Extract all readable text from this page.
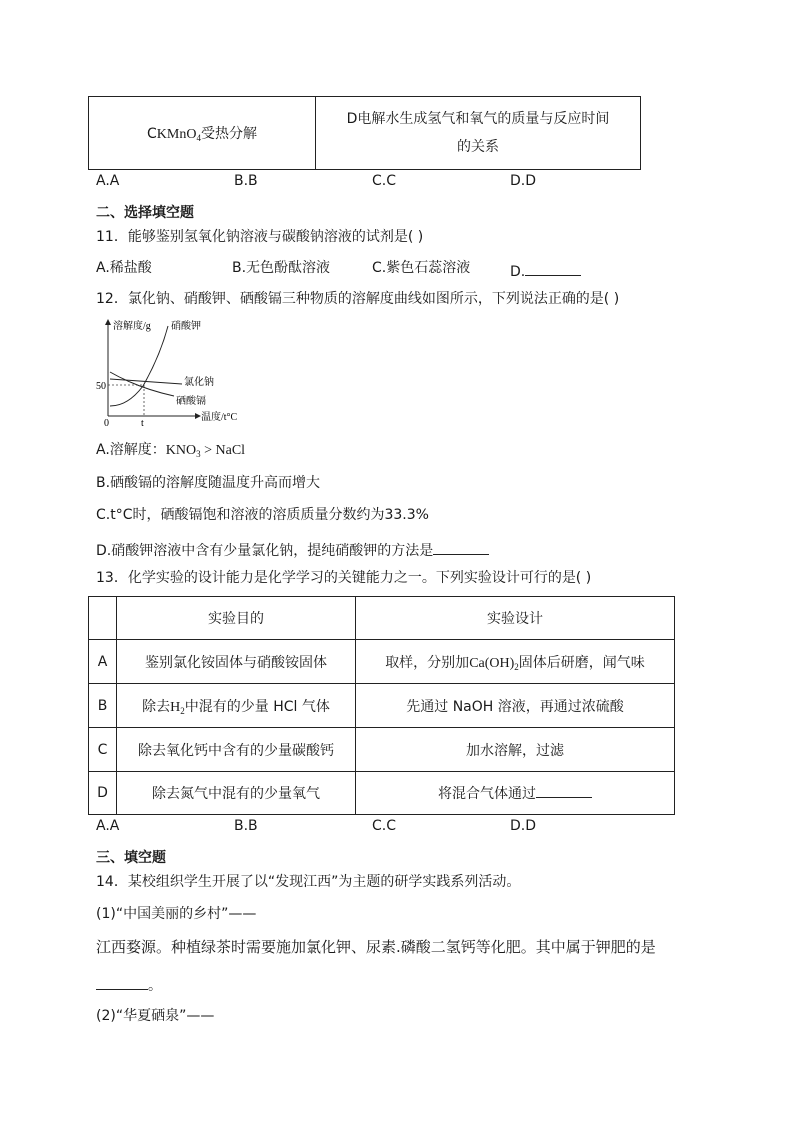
CKMnO$_4$受热分解	
D电解水生成氢气和氧气的质量与反应时间
的关系
A.A	B.B	C.C	D.D
二、选择填空题
11．能够鉴别氢氧化钠溶液与碳酸钠溶液的试剂是( )
A.稀盐酸	B.无色酚酞溶液	C.紫色石蕊溶液	D.
12．氯化钠、硝酸钾、硒酸镉三种物质的溶解度曲线如图所示，下列说法正确的是( )
溶解度/g 硝酸钾
氯化钠
硒酸镉
50
0	t
温度/t°C
A.溶解度：$KNO_3$ > NaCl
B.硒酸镉的溶解度随温度升高而增大
C.t°C时，硒酸镉饱和溶液的溶质质量分数约为33.3%
D.硝酸钾溶液中含有少量氯化钠，提纯硝酸钾的方法是
13．化学实验的设计能力是化学学习的关键能力之一。下列实验设计可行的是( )
	实验目的	实验设计
A	鉴别氯化铵固体与硝酸铵固体	取样，分别加$Ca(OH)_2$固体后研磨，闻气味
B	除去$H_2$中混有的少量 HCl 气体	先通过 NaOH 溶液，再通过浓硫酸
C	除去氧化钙中含有的少量碳酸钙	加水溶解，过滤
D	除去氮气中混有的少量氧气	将混合气体通过
A.A	B.B	C.C	D.D
三、填空题
14．某校组织学生开展了以“发现江西”为主题的研学实践系列活动。
(1)“中国美丽的乡村”——
江西婺源。种植绿茶时需要施加氯化钾、尿素.磷酸二氢钙等化肥。其中属于钾肥的是
。
(2)“华夏硒泉”——
